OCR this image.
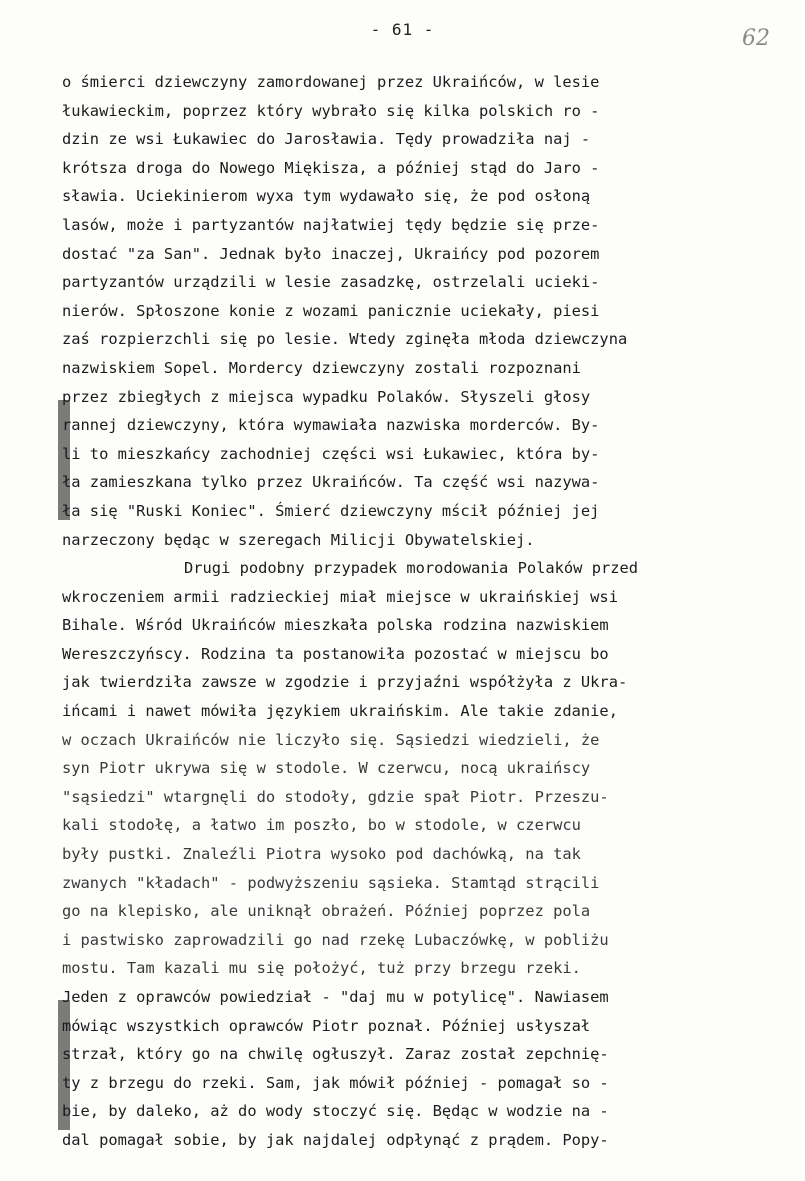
- 61 -	62
o śmierci dziewczyny zamordowanej przez Ukraińców, w lesie
łukawieckim, poprzez który wybrało się kilka polskich ro -
dzin ze wsi Łukawiec do Jarosławia. Tędy prowadziła naj -
krótsza droga do Nowego Miękisza, a później stąd do Jaro -
sławia. Uciekinierom wyxa tym wydawało się, że pod osłoną
lasów, może i partyzantów najłatwiej tędy będzie się prze-
dostać "za San". Jednak było inaczej, Ukraińcy pod pozorem
partyzantów urządzili w lesie zasadzkę, ostrzelali ucieki-
nierów. Spłoszone konie z wozami panicznie uciekały, piesi
zaś rozpierzchli się po lesie. Wtedy zginęła młoda dziewczyna
nazwiskiem Sopel. Mordercy dziewczyny zostali rozpoznani
przez zbiegłych z miejsca wypadku Polaków. Słyszeli głosy
rannej dziewczyny, która wymawiała nazwiska morderców. By-
li to mieszkańcy zachodniej części wsi Łukawiec, która by-
ła zamieszkana tylko przez Ukraińców. Ta część wsi nazywa-
ła się "Ruski Koniec". Śmierć dziewczyny mścił później jej
narzeczony będąc w szeregach Milicji Obywatelskiej.
Drugi podobny przypadek morodowania Polaków przed
wkroczeniem armii radzieckiej miał miejsce w ukraińskiej wsi
Bihale. Wśród Ukraińców mieszkała polska rodzina nazwiskiem
Wereszczyńscy. Rodzina ta postanowiła pozostać w miejscu bo
jak twierdziła zawsze w zgodzie i przyjaźni współżyła z Ukra-
ińcami i nawet mówiła językiem ukraińskim. Ale takie zdanie,
w oczach Ukraińców nie liczyło się. Sąsiedzi wiedzieli, że
syn Piotr ukrywa się w stodole. W czerwcu, nocą ukraińscy
"sąsiedzi" wtargnęli do stodoły, gdzie spał Piotr. Przeszu-
kali stodołę, a łatwo im poszło, bo w stodole, w czerwcu
były pustki. Znaleźli Piotra wysoko pod dachówką, na tak
zwanych "kładach" - podwyższeniu sąsieka. Stamtąd strącili
go na klepisko, ale uniknął obrażeń. Później poprzez pola
i pastwisko zaprowadzili go nad rzekę Lubaczówkę, w pobliżu
mostu. Tam kazali mu się położyć, tuż przy brzegu rzeki.
Jeden z oprawców powiedział - "daj mu w potylicę". Nawiasem
mówiąc wszystkich oprawców Piotr poznał. Później usłyszał
strzał, który go na chwilę ogłuszył. Zaraz został zepchnię-
ty z brzegu do rzeki. Sam, jak mówił później - pomagał so -
bie, by daleko, aż do wody stoczyć się. Będąc w wodzie na -
dal pomagał sobie, by jak najdalej odpłynąć z prądem. Popy-
